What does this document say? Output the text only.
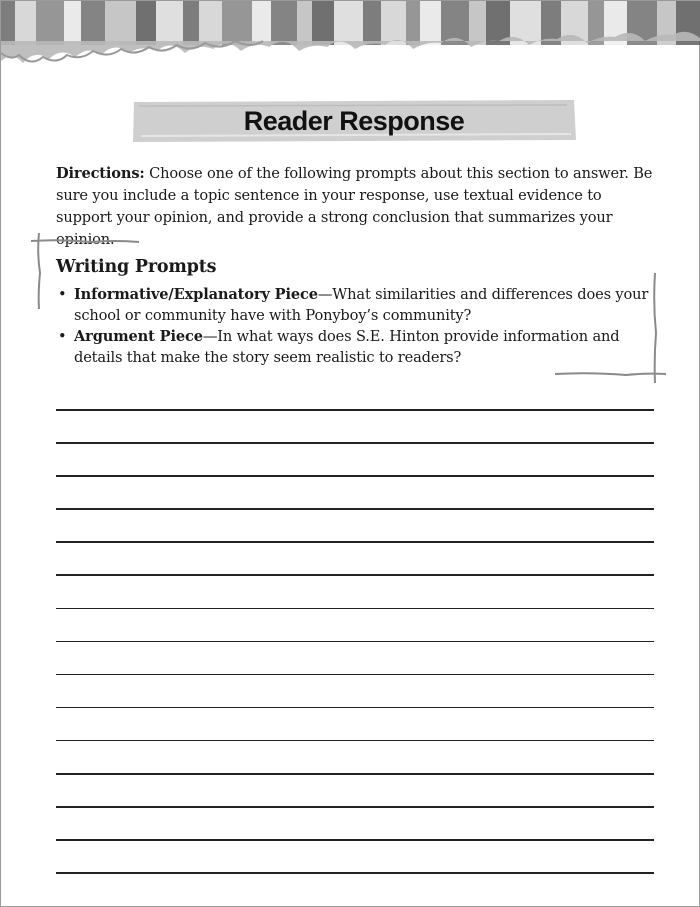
Reader Response
Directions: Choose one of the following prompts about this section to answer. Be sure you include a topic sentence in your response, use textual evidence to support your opinion, and provide a strong conclusion that summarizes your opinion.
Writing Prompts
• Informative/Explanatory Piece—What similarities and differences does your school or community have with Ponyboy’s community?
• Argument Piece—In what ways does S.E. Hinton provide information and details that make the story seem realistic to readers?
